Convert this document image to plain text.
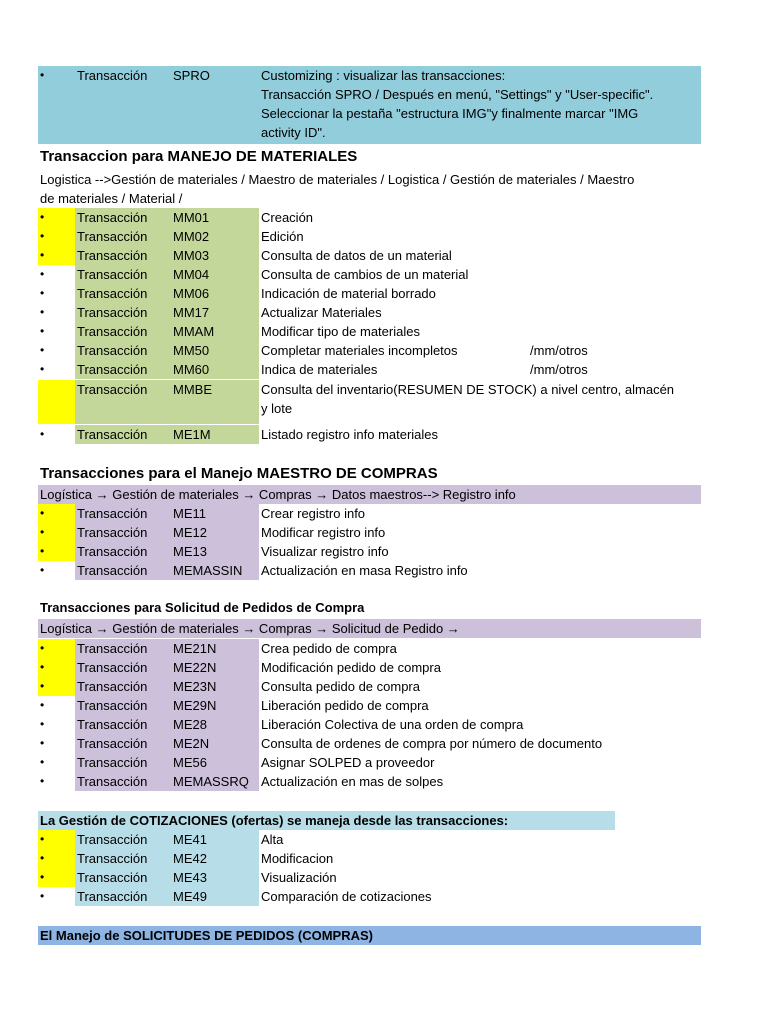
•	Transacción SPRO	Customizing : visualizar las transacciones:
Transacción SPRO / Después en menú, "Settings" y "User-specific".
Seleccionar la pestaña "estructura IMG"y finalmente marcar "IMG
activity ID".
Transaccion para MANEJO DE MATERIALES
Logistica -->Gestión de materiales / Maestro de materiales / Logistica / Gestión de materiales / Maestro
de materiales / Material /
•	Transacción	MM01	Creación
•	Transacción	MM02	Edición
•	Transacción	MM03	Consulta de datos de un material
•	Transacción	MM04	Consulta de cambios de un material
•	Transacción	MM06	Indicación de material borrado
•	Transacción	MM17	Actualizar Materiales
•	Transacción	MMAM	Modificar tipo de materiales
•	Transacción	MM50	Completar materiales incompletos	/mm/otros
•	Transacción	MM60	Indica de materiales	/mm/otros
Transacción	MMBE	Consulta del inventario(RESUMEN DE STOCK) a nivel centro, almacén
y lote
•	Transacción	ME1M	Listado registro info materiales
Transacciones para el Manejo MAESTRO DE COMPRAS
Logística → Gestión de materiales → Compras → Datos maestros--> Registro info
•	Transacción	ME11	Crear registro info
•	Transacción	ME12	Modificar registro info
•	Transacción	ME13	Visualizar registro info
•	Transacción	MEMASSIN	Actualización en masa Registro info
Transacciones para Solicitud de Pedidos de Compra
Logística → Gestión de materiales → Compras → Solicitud de Pedido →
•	Transacción	ME21N	Crea pedido de compra
•	Transacción	ME22N	Modificación pedido de compra
•	Transacción	ME23N	Consulta pedido de compra
•	Transacción	ME29N	Liberación pedido de compra
•	Transacción	ME28	Liberación Colectiva de una orden de compra
•	Transacción	ME2N	Consulta de ordenes de compra por número de documento
•	Transacción	ME56	Asignar SOLPED a proveedor
•	Transacción	MEMASSRQ Actualización en mas de solpes
La Gestión de COTIZACIONES (ofertas) se maneja desde las transacciones:
•	Transacción	ME41	Alta
•	Transacción	ME42	Modificacion
•	Transacción	ME43	Visualización
•	Transacción	ME49	Comparación de cotizaciones
El Manejo de SOLICITUDES DE PEDIDOS (COMPRAS)
